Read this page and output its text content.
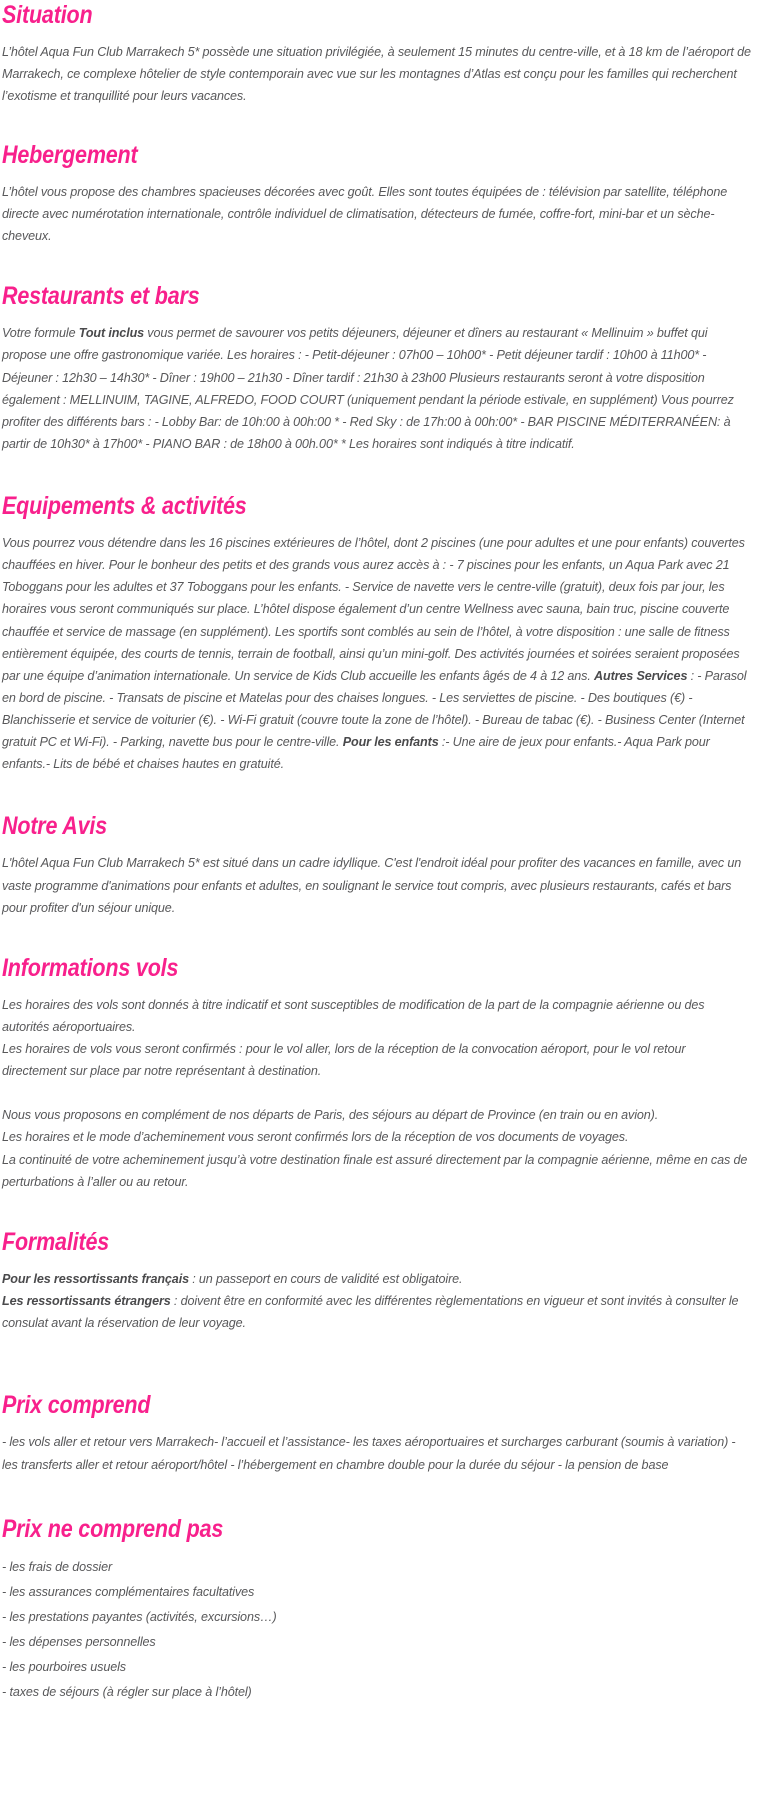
Situation

L’hôtel Aqua Fun Club Marrakech 5* possède une situation privilégiée, à seulement 15 minutes du centre-ville, et à 18 km de l’aéroport de Marrakech, ce complexe hôtelier de style contemporain avec vue sur les montagnes d’Atlas est conçu pour les familles qui recherchent l’exotisme et tranquillité pour leurs vacances.

Hebergement

L’hôtel vous propose des chambres spacieuses décorées avec goût. Elles sont toutes équipées de : télévision par satellite, téléphone directe avec numérotation internationale, contrôle individuel de climatisation, détecteurs de fumée, coffre-fort, mini-bar et un sèche-cheveux.

Restaurants et bars

Votre formule Tout inclus vous permet de savourer vos petits déjeuners, déjeuner et dîners au restaurant « Mellinuim » buffet qui propose une offre gastronomique variée. Les horaires : - Petit-déjeuner : 07h00 – 10h00* - Petit déjeuner tardif : 10h00 à 11h00* - Déjeuner : 12h30 – 14h30* - Dîner : 19h00 – 21h30 - Dîner tardif : 21h30 à 23h00 Plusieurs restaurants seront à votre disposition également : MELLINUIM, TAGINE, ALFREDO, FOOD COURT (uniquement pendant la période estivale, en supplément) Vous pourrez profiter des différents bars : - Lobby Bar: de 10h:00 à 00h:00 * - Red Sky : de 17h:00 à 00h:00* - BAR PISCINE MÉDITERRANÉEN: à partir de 10h30* à 17h00* - PIANO BAR : de 18h00 à 00h.00* * Les horaires sont indiqués à titre indicatif.

Equipements & activités

Vous pourrez vous détendre dans les 16 piscines extérieures de l’hôtel, dont 2 piscines (une pour adultes et une pour enfants) couvertes chauffées en hiver. Pour le bonheur des petits et des grands vous aurez accès à : - 7 piscines pour les enfants, un Aqua Park avec 21 Toboggans pour les adultes et 37 Toboggans pour les enfants. - Service de navette vers le centre-ville (gratuit), deux fois par jour, les horaires vous seront communiqués sur place. L’hôtel dispose également d’un centre Wellness avec sauna, bain truc, piscine couverte chauffée et service de massage (en supplément). Les sportifs sont comblés au sein de l’hôtel, à votre disposition : une salle de fitness entièrement équipée, des courts de tennis, terrain de football, ainsi qu’un mini-golf. Des activités journées et soirées seraient proposées par une équipe d’animation internationale. Un service de Kids Club accueille les enfants âgés de 4 à 12 ans. Autres Services : - Parasol en bord de piscine. - Transats de piscine et Matelas pour des chaises longues. - Les serviettes de piscine. - Des boutiques (€) - Blanchisserie et service de voiturier (€). - Wi-Fi gratuit (couvre toute la zone de l’hôtel). - Bureau de tabac (€). - Business Center (Internet gratuit PC et Wi-Fi). - Parking, navette bus pour le centre-ville. Pour les enfants :- Une aire de jeux pour enfants.- Aqua Park pour enfants.- Lits de bébé et chaises hautes en gratuité.

Notre Avis

L'hôtel Aqua Fun Club Marrakech 5* est situé dans un cadre idyllique. C'est l'endroit idéal pour profiter des vacances en famille, avec un vaste programme d'animations pour enfants et adultes, en soulignant le service tout compris, avec plusieurs restaurants, cafés et bars pour profiter d'un séjour unique.

Informations vols

Les horaires des vols sont donnés à titre indicatif et sont susceptibles de modification de la part de la compagnie aérienne ou des autorités aéroportuaires.

Les horaires de vols vous seront confirmés : pour le vol aller, lors de la réception de la convocation aéroport, pour le vol retour directement sur place par notre représentant à destination.

Nous vous proposons en complément de nos départs de Paris, des séjours au départ de Province (en train ou en avion).

Les horaires et le mode d’acheminement vous seront confirmés lors de la réception de vos documents de voyages.

La continuité de votre acheminement jusqu’à votre destination finale est assuré directement par la compagnie aérienne, même en cas de perturbations à l’aller ou au retour.

Formalités

Pour les ressortissants français : un passeport en cours de validité est obligatoire.

Les ressortissants étrangers : doivent être en conformité avec les différentes règlementations en vigueur et sont invités à consulter le consulat avant la réservation de leur voyage.

Prix comprend

- les vols aller et retour vers Marrakech- l’accueil et l’assistance- les taxes aéroportuaires et surcharges carburant (soumis à variation) - les transferts aller et retour aéroport/hôtel - l’hébergement en chambre double pour la durée du séjour - la pension de base

Prix ne comprend pas

- les frais de dossier

- les assurances complémentaires facultatives

- les prestations payantes (activités, excursions…)

- les dépenses personnelles

- les pourboires usuels

- taxes de séjours (à régler sur place à l’hôtel)
